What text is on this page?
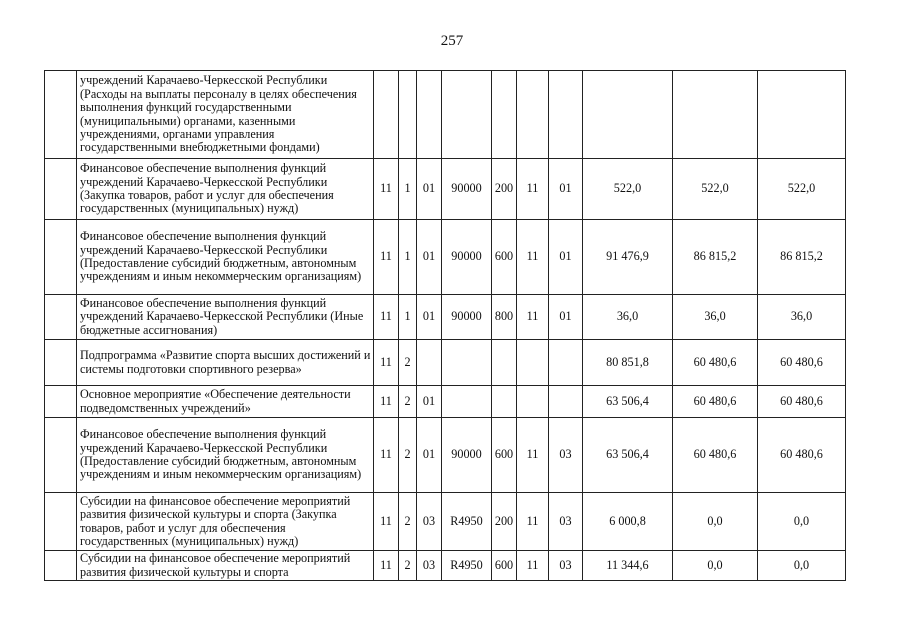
257
	учреждений Карачаево-Черкесской Республики (Расходы на выплаты персоналу в целях обеспечения выполнения функций государственными (муниципальными) органами, казенными учреждениями, органами управления государственными внебюджетными фондами)										
	Финансовое обеспечение выполнения функций учреждений Карачаево-Черкесской Республики (Закупка товаров, работ и услуг для обеспечения государственных (муниципальных) нужд)	11	1	01	90000	200	11	01	522,0	522,0	522,0
	Финансовое обеспечение выполнения функций учреждений Карачаево-Черкесской Республики (Предоставление субсидий бюджетным, автономным учреждениям и иным некоммерческим организациям)	11	1	01	90000	600	11	01	91 476,9	86 815,2	86 815,2
	Финансовое обеспечение выполнения функций учреждений Карачаево-Черкесской Республики (Иные бюджетные ассигнования)	11	1	01	90000	800	11	01	36,0	36,0	36,0
	Подпрограмма «Развитие спорта высших достижений и системы подготовки спортивного резерва»	11	2						80 851,8	60 480,6	60 480,6
	Основное мероприятие «Обеспечение деятельности подведомственных учреждений»	11	2	01					63 506,4	60 480,6	60 480,6
	Финансовое обеспечение выполнения функций учреждений Карачаево-Черкесской Республики (Предоставление субсидий бюджетным, автономным учреждениям и иным некоммерческим организациям)	11	2	01	90000	600	11	03	63 506,4	60 480,6	60 480,6
	Субсидии на финансовое обеспечение мероприятий развития физической культуры и спорта (Закупка товаров, работ и услуг для обеспечения государственных (муниципальных) нужд)	11	2	03	R4950	200	11	03	6 000,8	0,0	0,0
	Субсидии на финансовое обеспечение мероприятий развития физической культуры и спорта	11	2	03	R4950	600	11	03	11 344,6	0,0	0,0
